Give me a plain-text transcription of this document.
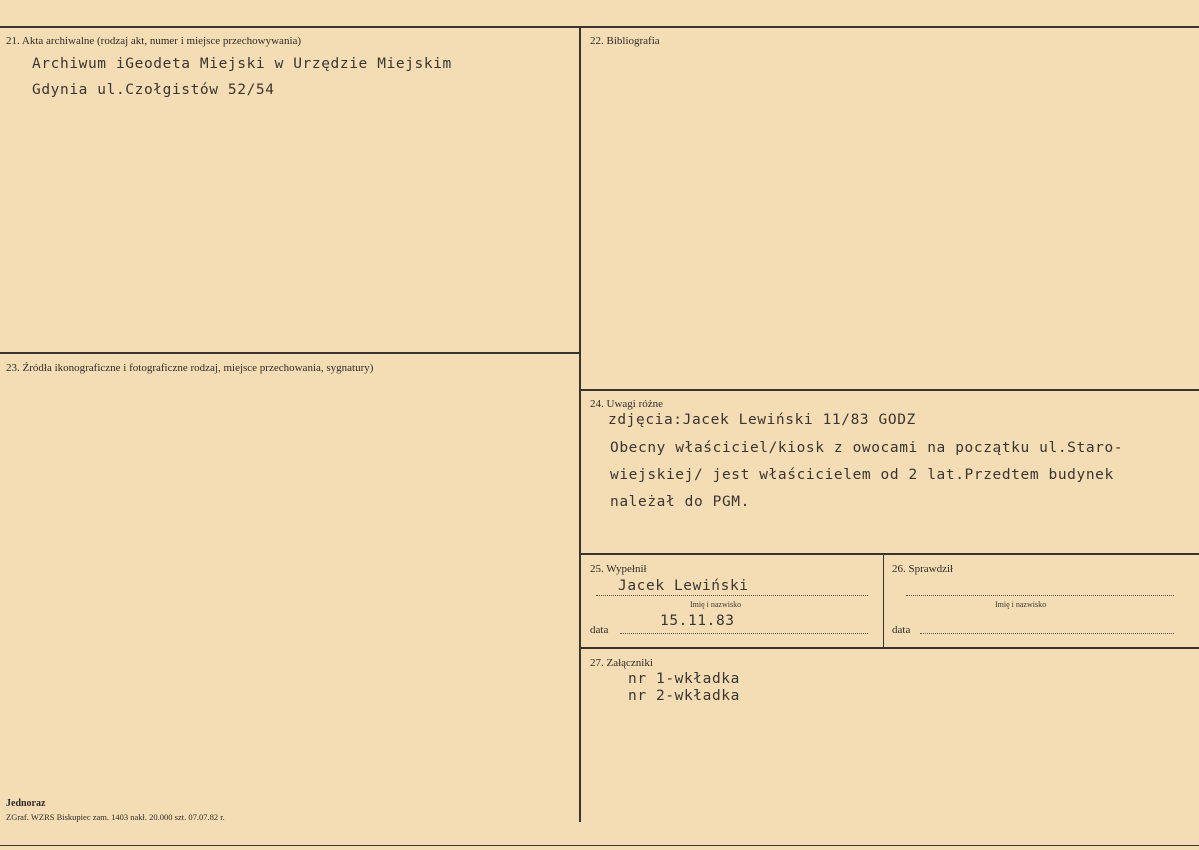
21. Akta archiwalne (rodzaj akt, numer i miejsce przechowywania)
Archiwum iGeodeta Miejski w Urzędzie Miejskim
Gdynia ul.Czołgistów 52/54
22. Bibliografia
23. Źródła ikonograficzne i fotograficzne rodzaj, miejsce przechowania, sygnatury)
24. Uwagi różne
zdjęcia:Jacek Lewiński 11/83 GODZ
Obecny właściciel/kiosk z owocami na początku ul.Staro-
wiejskiej/ jest właścicielem od 2 lat.Przedtem budynek
należał do PGM.
25. Wypełnił
Jacek Lewiński
Imię i nazwisko
data
15.11.83
26. Sprawdził
Imię i nazwisko
data
27. Załączniki
nr 1-wkładka
nr 2-wkładka
Jednoraz
ZGraf. WZRS Biskupiec zam. 1403 nakł. 20.000 szt. 07.07.82 r.
